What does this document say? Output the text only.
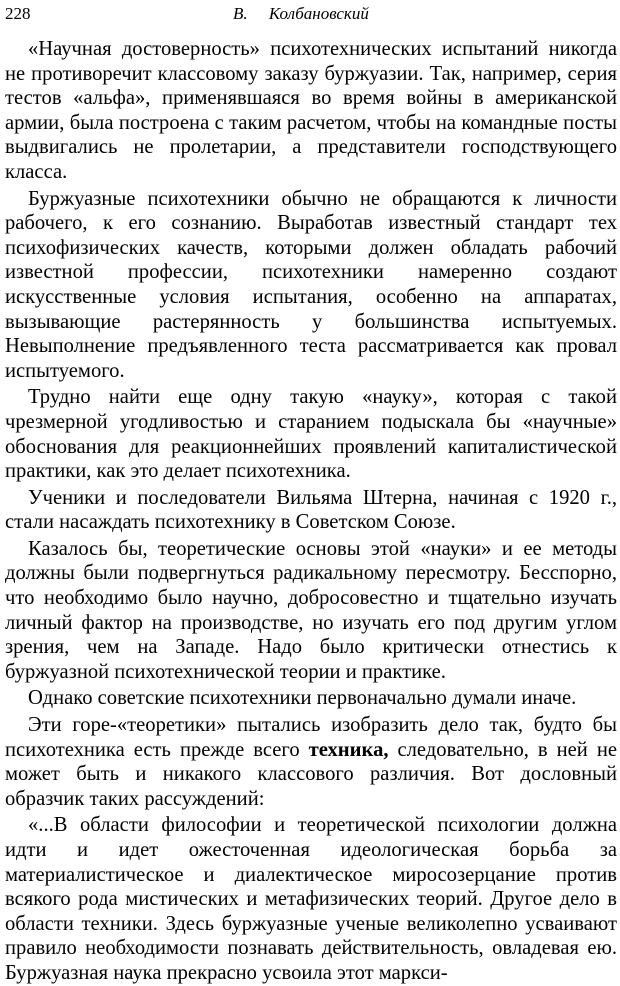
228	В.     Колбановский

«Научная достоверность» психотехнических испытаний никогда не противоречит классовому заказу буржуазии. Так, например, серия тестов «альфа», применявшаяся во время войны в американской армии, была построена с таким расчетом, чтобы на командные посты выдвигались не пролетарии, а представители господствующего класса.

Буржуазные психотехники обычно не обращаются к личности рабочего, к его сознанию. Выработав известный стандарт тех психофизических качеств, которыми должен обладать рабочий известной профессии, психотехники намеренно создают искусственные условия испытания, особенно на аппаратах, вызывающие растерянность у большинства испытуемых. Невыполнение предъявленного теста рассматривается как провал испытуемого.

Трудно найти еще одну такую «науку», которая с такой чрезмерной угодливостью и старанием подыскала бы «научные» обоснования для реакционнейших проявлений капиталистической практики, как это делает психотехника.

Ученики и последователи Вильяма Штерна, начиная с 1920 г., стали насаждать психотехнику в Советском Союзе.

Казалось бы, теоретические основы этой «науки» и ее методы должны были подвергнуться радикальному пересмотру. Бесспорно, что необходимо было научно, добросовестно и тщательно изучать личный фактор на производстве, но изучать его под другим углом зрения, чем на Западе. Надо было критически отнестись к буржуазной психотехнической теории и практике.

Однако советские психотехники первоначально думали иначе.

Эти горе-«теоретики» пытались изобразить дело так, будто бы психотехника есть прежде всего техника, следовательно, в ней не может быть и никакого классового различия. Вот дословный образчик таких рассуждений:

«...В области философии и теоретической психологии должна идти и идет ожесточенная идеологическая борьба за материалистическое и диалектическое миросозерцание против всякого рода мистических и метафизических теорий. Другое дело в области техники. Здесь буржуазные ученые великолепно усваивают правило необходимости познавать действительность, овладевая ею. Буржуазная наука прекрасно усвоила этот маркси-
